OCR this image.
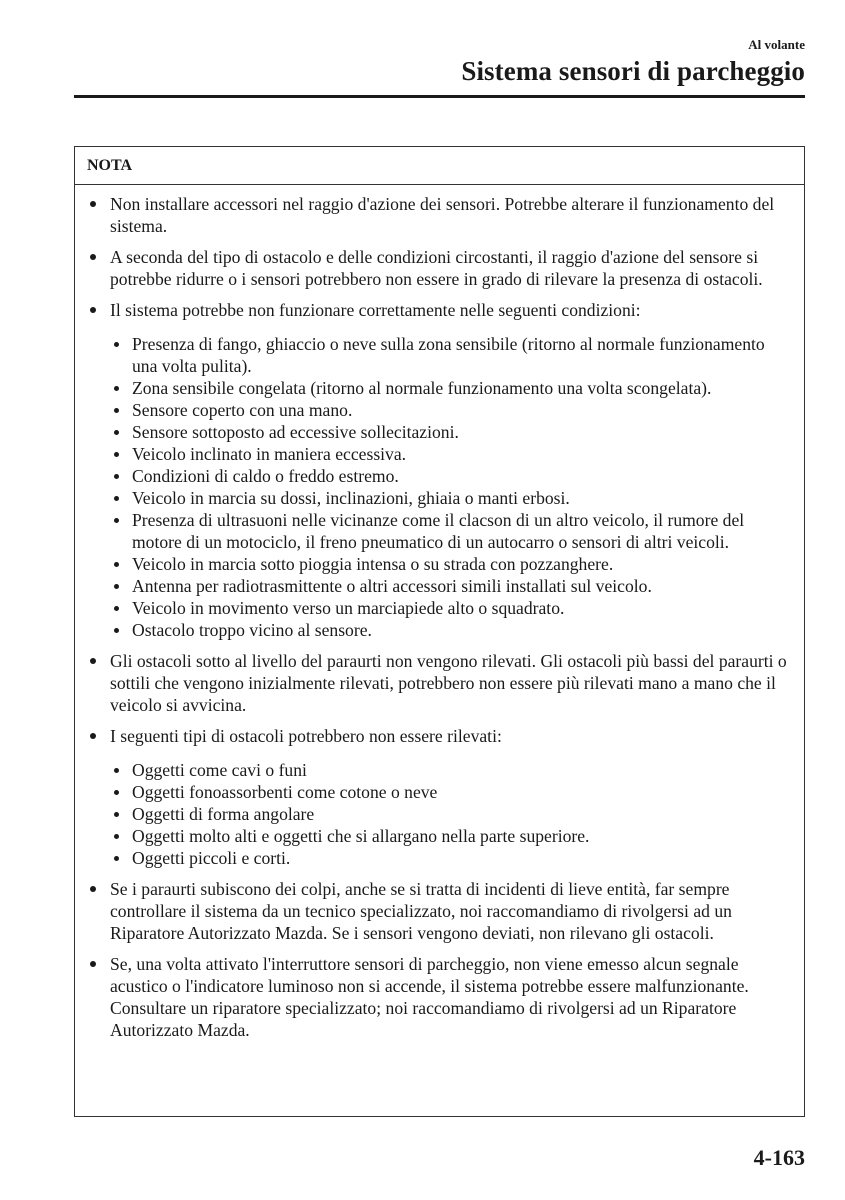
Al volante
Sistema sensori di parcheggio
NOTA
Non installare accessori nel raggio d'azione dei sensori. Potrebbe alterare il funzionamento del sistema.
A seconda del tipo di ostacolo e delle condizioni circostanti, il raggio d'azione del sensore si potrebbe ridurre o i sensori potrebbero non essere in grado di rilevare la presenza di ostacoli.
Il sistema potrebbe non funzionare correttamente nelle seguenti condizioni:
Presenza di fango, ghiaccio o neve sulla zona sensibile (ritorno al normale funzionamento una volta pulita).
Zona sensibile congelata (ritorno al normale funzionamento una volta scongelata).
Sensore coperto con una mano.
Sensore sottoposto ad eccessive sollecitazioni.
Veicolo inclinato in maniera eccessiva.
Condizioni di caldo o freddo estremo.
Veicolo in marcia su dossi, inclinazioni, ghiaia o manti erbosi.
Presenza di ultrasuoni nelle vicinanze come il clacson di un altro veicolo, il rumore del motore di un motociclo, il freno pneumatico di un autocarro o sensori di altri veicoli.
Veicolo in marcia sotto pioggia intensa o su strada con pozzanghere.
Antenna per radiotrasmittente o altri accessori simili installati sul veicolo.
Veicolo in movimento verso un marciapiede alto o squadrato.
Ostacolo troppo vicino al sensore.
Gli ostacoli sotto al livello del paraurti non vengono rilevati. Gli ostacoli più bassi del paraurti o sottili che vengono inizialmente rilevati, potrebbero non essere più rilevati mano a mano che il veicolo si avvicina.
I seguenti tipi di ostacoli potrebbero non essere rilevati:
Oggetti come cavi o funi
Oggetti fonoassorbenti come cotone o neve
Oggetti di forma angolare
Oggetti molto alti e oggetti che si allargano nella parte superiore.
Oggetti piccoli e corti.
Se i paraurti subiscono dei colpi, anche se si tratta di incidenti di lieve entità, far sempre controllare il sistema da un tecnico specializzato, noi raccomandiamo di rivolgersi ad un Riparatore Autorizzato Mazda. Se i sensori vengono deviati, non rilevano gli ostacoli.
Se, una volta attivato l'interruttore sensori di parcheggio, non viene emesso alcun segnale acustico o l'indicatore luminoso non si accende, il sistema potrebbe essere malfunzionante. Consultare un riparatore specializzato; noi raccomandiamo di rivolgersi ad un Riparatore Autorizzato Mazda.
4-163
